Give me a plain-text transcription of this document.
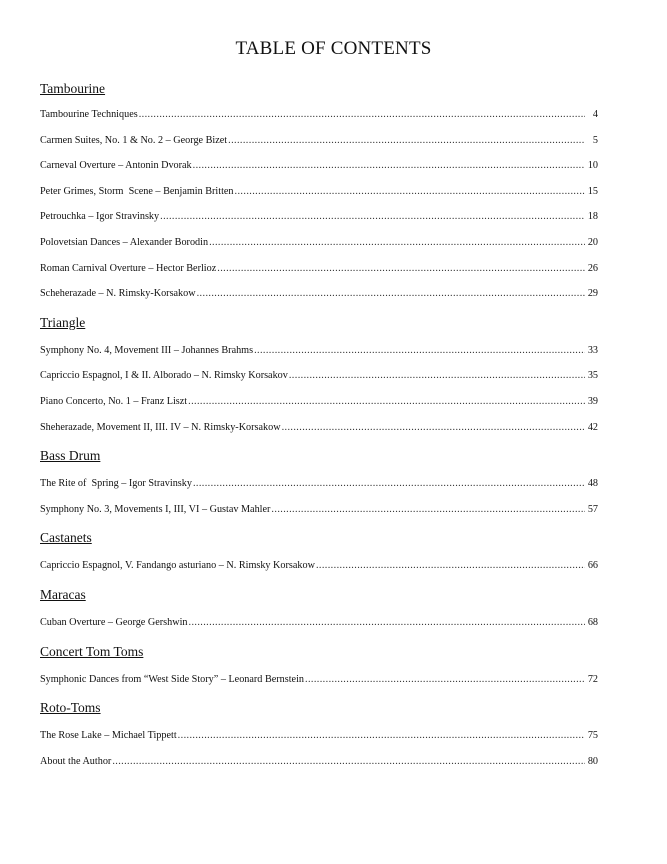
TABLE OF CONTENTS
Tambourine
Tambourine Techniques .....	4
Carmen Suites, No. 1 & No. 2 – George Bizet .....	5
Carneval Overture – Antonin Dvorak .....	10
Peter Grimes, Storm  Scene – Benjamin Britten .....	15
Petrouchka – Igor Stravinsky .....	18
Polovetsian Dances – Alexander Borodin .....	20
Roman Carnival Overture – Hector Berlioz .....	26
Scheherazade – N. Rimsky-Korsakow .....	29
Triangle
Symphony No. 4, Movement III – Johannes Brahms .....	33
Capriccio Espagnol, I & II. Alborado – N. Rimsky Korsakov .....	35
Piano Concerto, No. 1 – Franz Liszt .....	39
Sheherazade, Movement II, III. IV – N. Rimsky-Korsakow .....	42
Bass Drum
The Rite of  Spring – Igor Stravinsky .....	48
Symphony No. 3, Movements I, III, VI – Gustav Mahler .....	57
Castanets
Capriccio Espagnol, V. Fandango asturiano – N. Rimsky Korsakow .....	66
Maracas
Cuban Overture – George Gershwin .....	68
Concert Tom Toms
Symphonic Dances from “West Side Story” – Leonard Bernstein .....	72
Roto-Toms
The Rose Lake – Michael Tippett .....	75
About the Author .....	80
